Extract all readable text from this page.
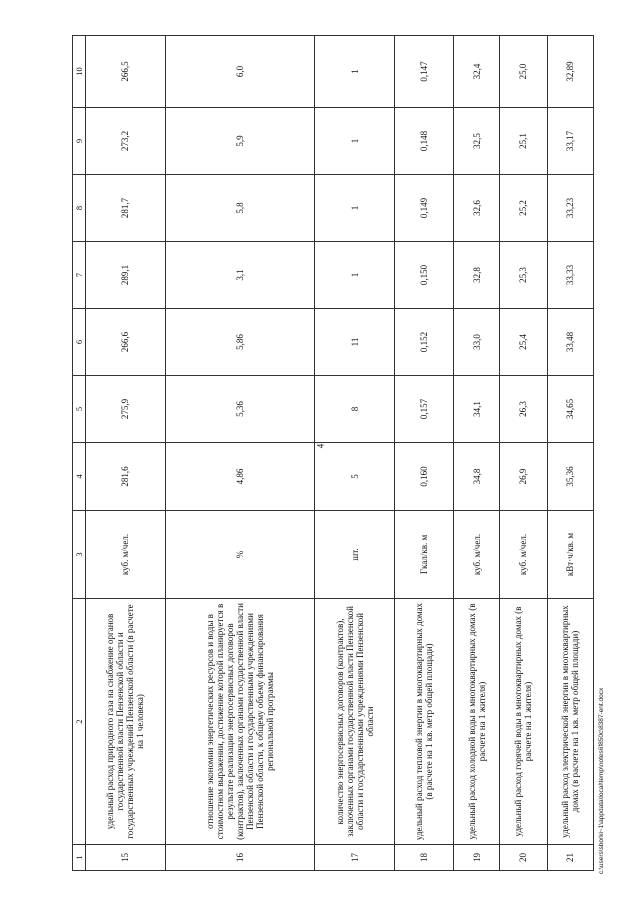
4
1	2	3	4	5	6	7	8	9	10
15	удельный расход природного газа на снабжение органов государственной власти Пензенской области и государственных учреждений Пензенской области (в расчете на 1 человека)	куб. м/чел.	281,6	275,9	266,6	289,1	281,7	273,2	266,5
16	отношение экономии энергетических ресурсов и воды в стоимостном выражении, достижение которой планируется в результате реализации энергосервисных договоров (контрактов), заключенных органами государственной власти Пензенской области и государственными учреждениями Пензенской области, к общему объему финансирования региональной программы	%	4,86	5,36	5,86	3,1	5,8	5,9	6,0
17	количество энергосервисных договоров (контрактов), заключенных органами государственной власти Пензенской области и государственными учреждениями Пензенской области	шт.	5	8	11	1	1	1	1
18	удельный расход тепловой энергии в многоквартирных домах (в расчете на 1 кв. метр общей площади)	Гкал/кв. м	0,160	0,157	0,152	0,150	0,149	0,148	0,147
19	удельный расход холодной воды в многоквартирных домах (в расчете на 1 жителя)	куб. м/чел.	34,8	34,1	33,0	32,8	32,6	32,5	32,4
20	удельный расход горячей воды в многоквартирных домах (в расчете на 1 жителя)	куб. м/чел.	26,9	26,3	25,4	25,3	25,2	25,1	25,0
21	удельный расход электрической энергии в многоквартирных домах (в расчете на 1 кв. метр общей площади)	кВт·ч/кв. м	35,36	34,65	33,48	33,33	33,23	33,17	32,89
c:\users\sborki~1\appdata\local\temp\notes6f850c\8387-ent.docx
